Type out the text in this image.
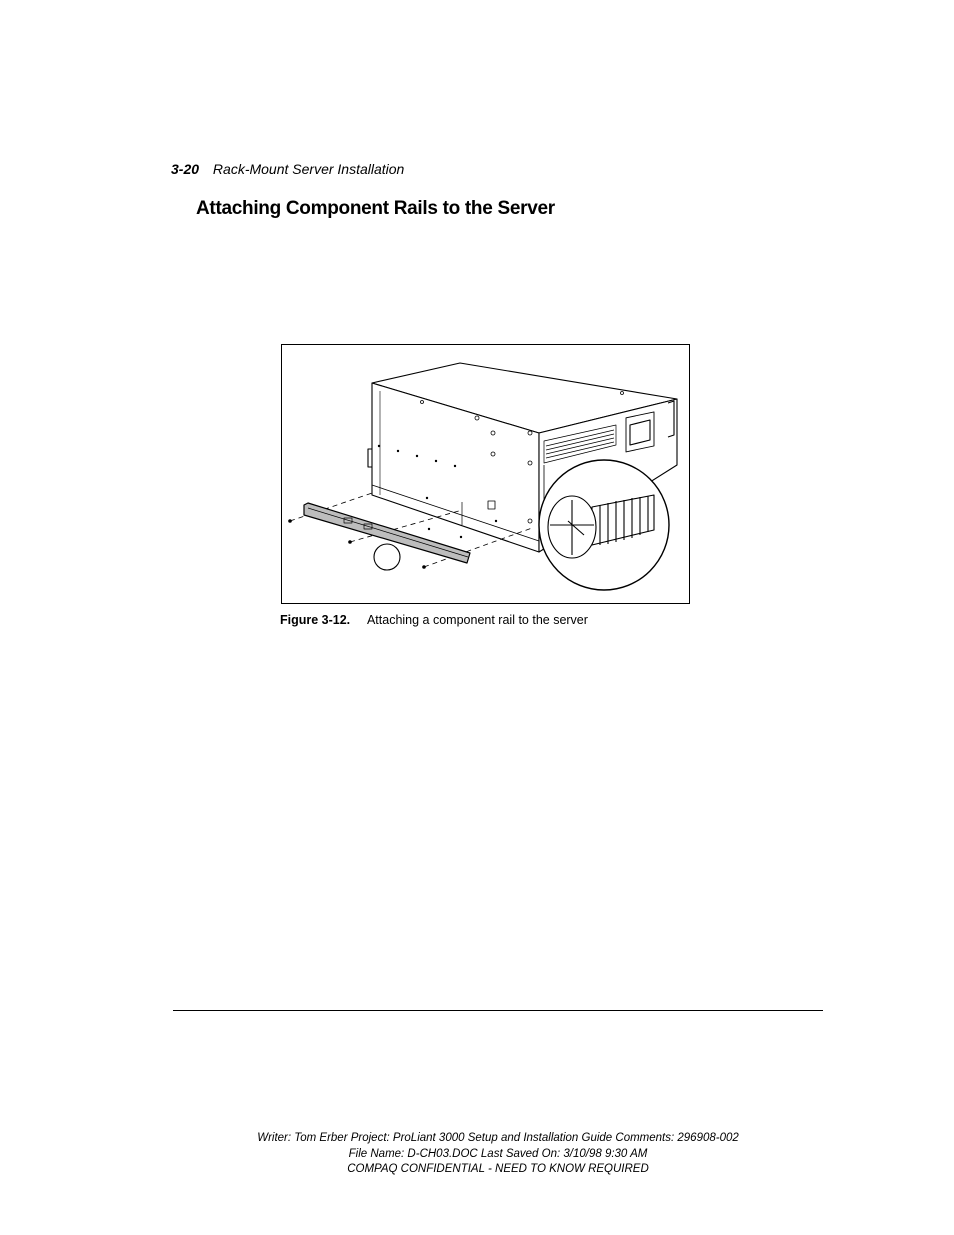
3-20 Rack-Mount Server Installation
Attaching Component Rails to the Server
Figure 3-12. Attaching a component rail to the server
Writer: Tom Erber Project: ProLiant 3000 Setup and Installation Guide Comments: 296908-002
File Name: D-CH03.DOC Last Saved On: 3/10/98 9:30 AM
COMPAQ CONFIDENTIAL - NEED TO KNOW REQUIRED
